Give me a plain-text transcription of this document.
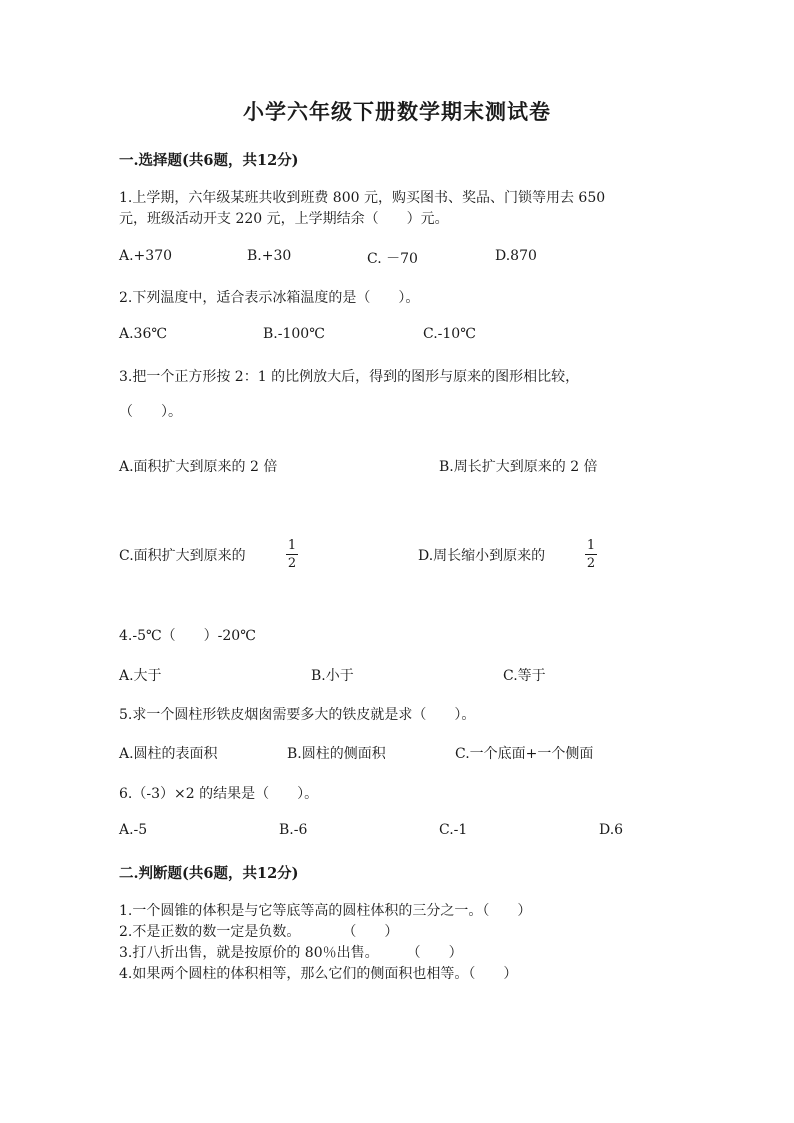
小学六年级下册数学期末测试卷
一.选择题(共6题，共12分)
1.上学期，六年级某班共收到班费 800 元，购买图书、奖品、门锁等用去 650
元，班级活动开支 220 元，上学期结余（　　）元。
A.+370	B.+30	C. －70	D.870
2.下列温度中，适合表示冰箱温度的是（　　）。
A.36℃	B.-100℃	C.-10℃
3.把一个正方形按 2：1 的比例放大后，得到的图形与原来的图形相比较，
（　　）。
A.面积扩大到原来的 2 倍	B.周长扩大到原来的 2 倍
C.面积扩大到原来的
1
2	D.周长缩小到原来的
1
2
4.-5℃（　　）-20℃
A.大于	B.小于	C.等于
5.求一个圆柱形铁皮烟囱需要多大的铁皮就是求（　　）。
A.圆柱的表面积	B.圆柱的侧面积	C.一个底面+一个侧面
6.（-3）×2 的结果是（　　）。
A.-5	B.-6	C.-1	D.6
二.判断题(共6题，共12分)
1.一个圆锥的体积是与它等底等高的圆柱体积的三分之一。（　　）
2.不是正数的数一定是负数。　　　　（　　）
3.打八折出售，就是按原价的 80％出售。　　　（　　）
4.如果两个圆柱的体积相等，那么它们的侧面积也相等。（　　）
